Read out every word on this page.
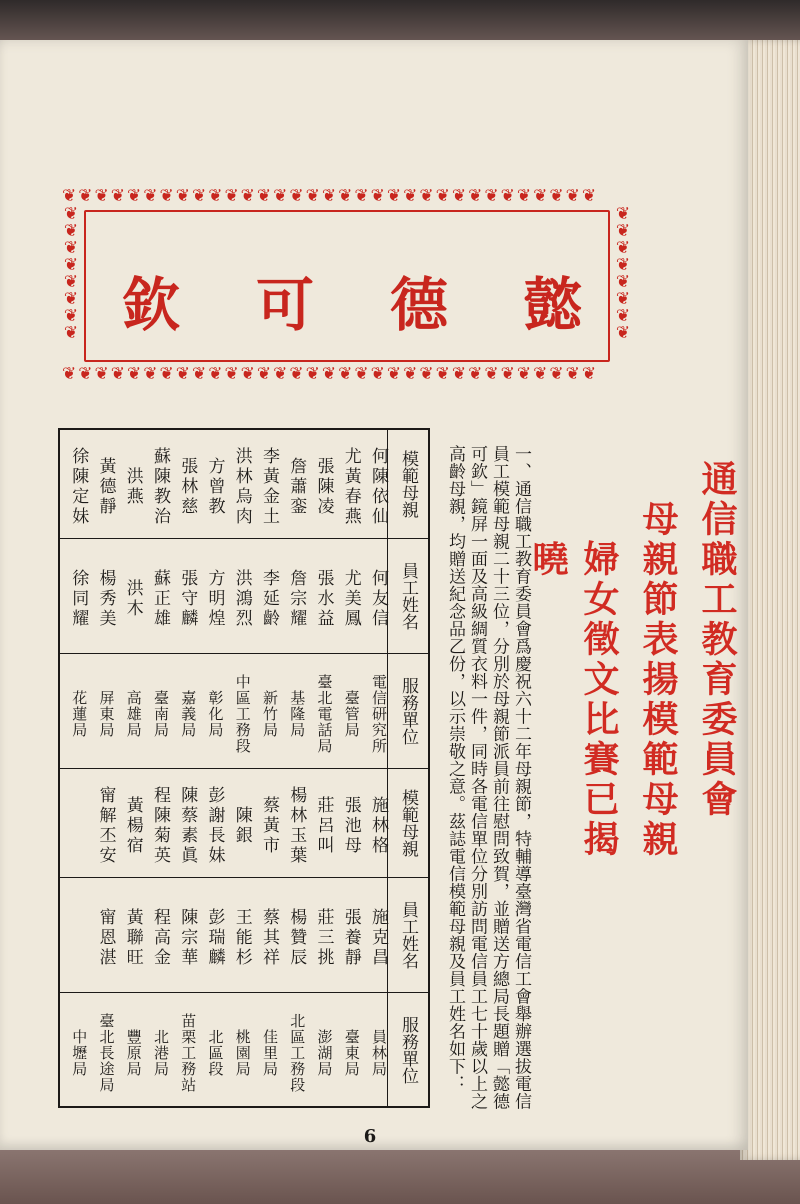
❦❦❦❦❦❦❦❦❦❦❦❦❦❦❦❦❦❦❦❦❦❦❦❦❦❦❦❦❦❦❦❦❦
❦❦❦❦❦❦❦❦❦❦❦❦❦❦❦❦❦❦❦❦❦❦❦❦❦❦❦❦❦❦❦❦❦
❦ ❦ ❦ ❦ ❦ ❦ ❦ ❦
❦ ❦ ❦ ❦ ❦ ❦ ❦ ❦
欽 可 德 懿
通信職工教育委員會
母親節表揚模範母親
婦女徵文比賽已揭曉
一、通信職工教育委員會爲慶祝六十二年母親節，特輔導臺灣省電信工會舉辦選拔電信員工模範母親二十三位，分別於母親節派員前往慰問致賀，並贈送方總局長題贈「懿德可欽」鏡屏一面及高級綢質衣料一件，同時各電信單位分別訪問電信員工七十歲以上之高齡母親，均贈送紀念品乙份，以示崇敬之意。茲誌電信模範母親及員工姓名如下：
模範母親
員工姓名
服務單位
何陳依仙
尤黃春燕
張陳凌
詹蕭銮
李黃金土
洪林烏肉
方曾教
張林慈
蘇陳教治
洪燕
黃德靜
徐陳定妹
何友信
尤美鳳
張水益
詹宗耀
李延齡
洪鴻烈
方明煌
張守麟
蘇正雄
洪木
楊秀美
徐同耀
電信研究所
臺管局
臺北電話局
基隆局
新竹局
中區工務段
彰化局
嘉義局
臺南局
高雄局
屏東局
花蓮局
模範母親
員工姓名
服務單位
施林格
張池母
莊呂叫
楊林玉葉
蔡黃市
陳銀
彭謝長妹
陳蔡素眞
程陳菊英
黃楊宿
甯解丕安
施克昌
張養靜
莊三挑
楊贊辰
蔡其祥
王能杉
彭瑞麟
陳宗華
程高金
黃聯旺
甯恩湛
員林局
臺東局
澎湖局
北區工務段
佳里局
桃園局
北區段
苗栗工務站
北港局
豐原局
臺北長途局
中壢局
6
